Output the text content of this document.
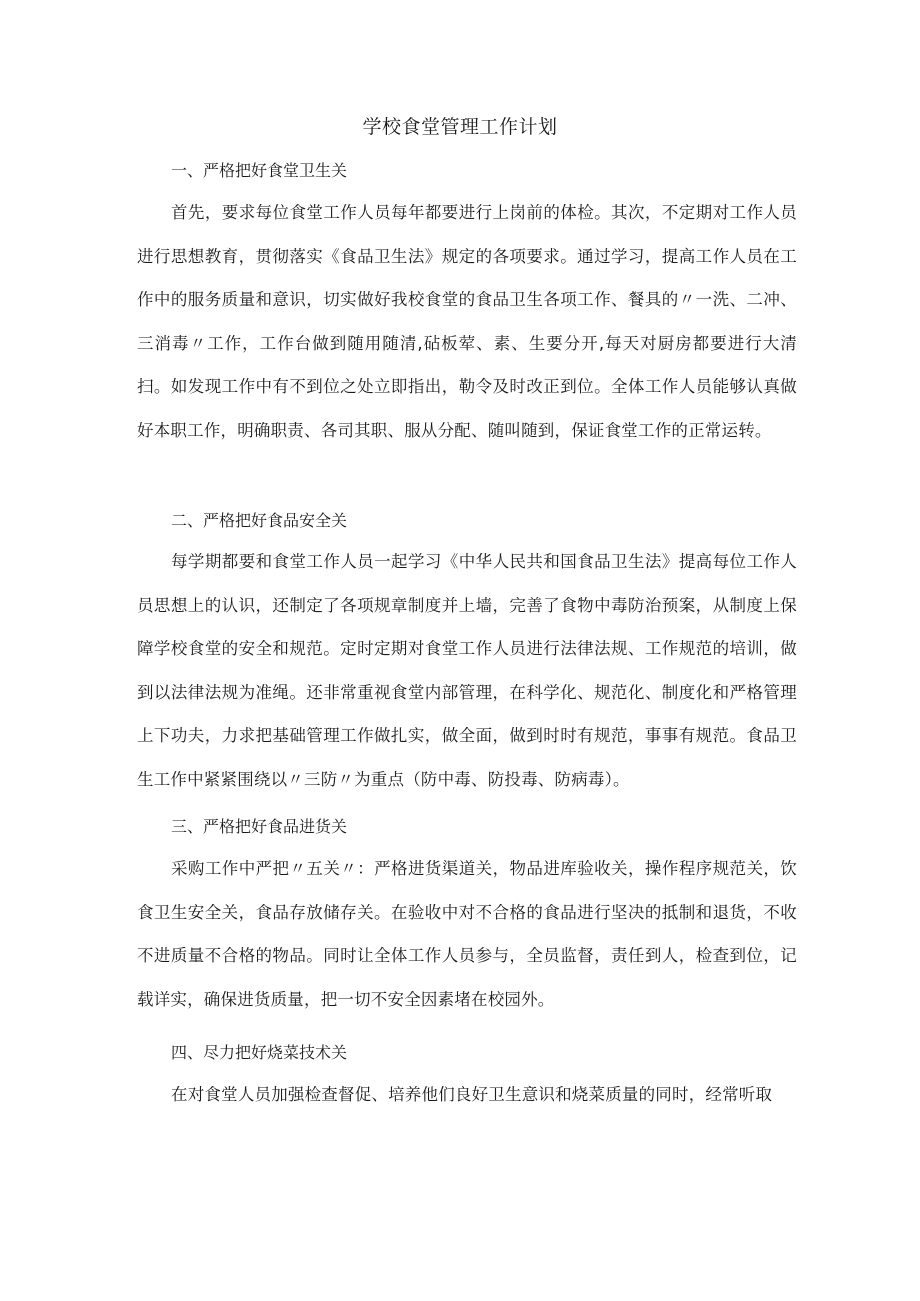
学校食堂管理工作计划
一、严格把好食堂卫生关
首先，要求每位食堂工作人员每年都要进行上岗前的体检。其次，不定期对工作人员进行思想教育，贯彻落实《食品卫生法》规定的各项要求。通过学习，提高工作人员在工作中的服务质量和意识，切实做好我校食堂的食品卫生各项工作、餐具的〃一洗、二冲、三消毒〃工作，工作台做到随用随清,砧板荤、素、生要分开,每天对厨房都要进行大清扫。如发现工作中有不到位之处立即指出，勒令及时改正到位。全体工作人员能够认真做好本职工作，明确职责、各司其职、服从分配、随叫随到，保证食堂工作的正常运转。
二、严格把好食品安全关
每学期都要和食堂工作人员一起学习《中华人民共和国食品卫生法》提高每位工作人员思想上的认识，还制定了各项规章制度并上墙，完善了食物中毒防治预案，从制度上保障学校食堂的安全和规范。定时定期对食堂工作人员进行法律法规、工作规范的培训，做到以法律法规为准绳。还非常重视食堂内部管理，在科学化、规范化、制度化和严格管理上下功夫，力求把基础管理工作做扎实，做全面，做到时时有规范，事事有规范。食品卫生工作中紧紧围绕以〃三防〃为重点（防中毒、防投毒、防病毒）。
三、严格把好食品进货关
采购工作中严把〃五关〃：严格进货渠道关，物品进库验收关，操作程序规范关，饮食卫生安全关，食品存放储存关。在验收中对不合格的食品进行坚决的抵制和退货，不收不进质量不合格的物品。同时让全体工作人员参与，全员监督，责任到人，检查到位，记载详实，确保进货质量，把一切不安全因素堵在校园外。
四、尽力把好烧菜技术关
在对食堂人员加强检查督促、培养他们良好卫生意识和烧菜质量的同时，经常听取
